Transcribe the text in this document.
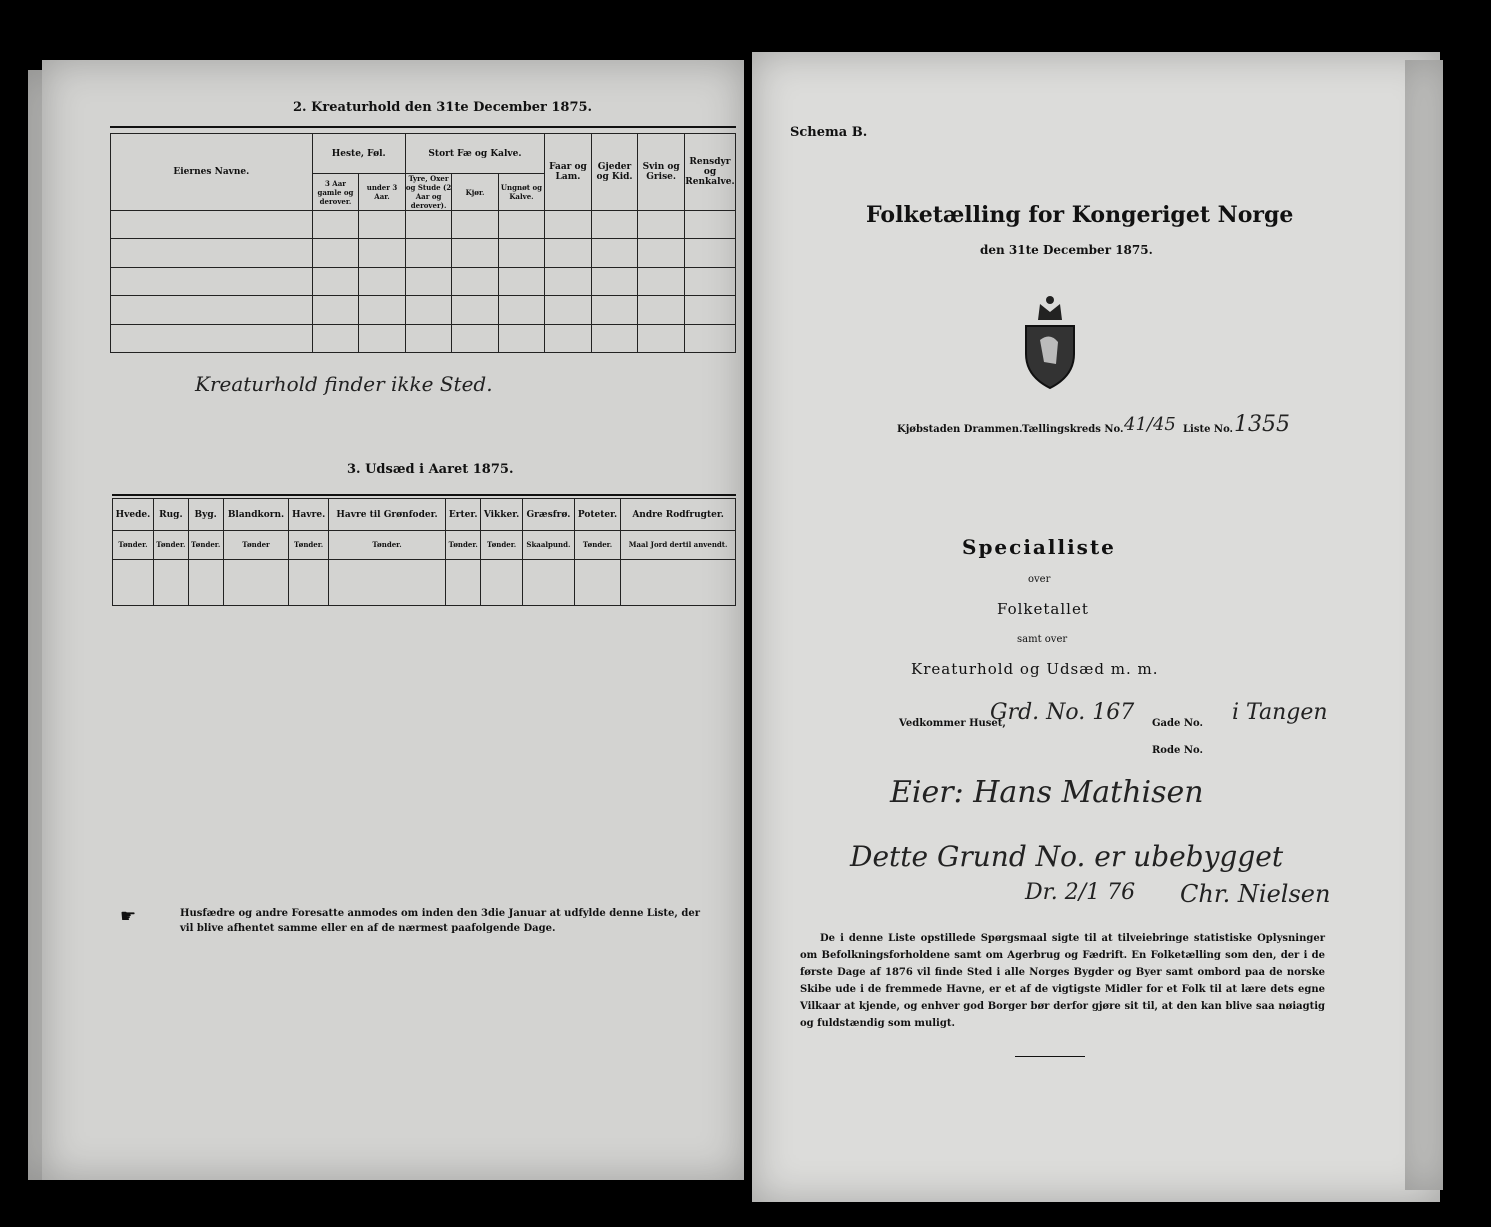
2. Kreaturhold den 31te December 1875.
Eiernes Navne.	Heste, Føl.		Stort Fæ og Kalve.			Faar og Lam.	Gjeder og Kid.	Svin og Grise.	Rensdyr og Renkalve.
	3 Aar gamle og derover.	under 3 Aar.	Tyre, Oxer og Stude (2 Aar og derover).	Kjør.	Ungnøt og Kalve.				

Kreaturhold finder ikke Sted.
3. Udsæd i Aaret 1875.
Hvede.	Rug.	Byg.	Blandkorn.	Havre.	Havre til Grønfoder.	Erter.	Vikker.	Græsfrø.	Poteter.	Andre Rodfrugter.
Tønder.	Tønder.	Tønder.	Tønder	Tønder.	Tønder.	Tønder.	Tønder.	Skaalpund.	Tønder.	Maal Jord dertil anvendt.

☛	Husfædre og andre Foresatte anmodes om inden den 3die Januar at udfylde denne Liste, der vil blive afhentet samme eller en af de nærmest paafolgende Dage.
Schema B.
Folketælling for Kongeriget Norge
den 31te December 1875.
Kjøbstaden Drammen. Tællingskreds No. 41/45 Liste No. 1355
Specialliste
over
Folketallet
samt over
Kreaturhold og Udsæd m. m.
Vedkommer Huset,
Grd. No. 167 Gade No. i Tangen
Rode No.
Eier: Hans Mathisen
Dette Grund No. er ubebygget
Dr. 2/1 76 Chr. Nielsen
De i denne Liste opstillede Spørgsmaal sigte til at tilveiebringe statistiske Oplysninger om Befolkningsforholdene samt om Agerbrug og Fædrift. En Folketælling som den, der i de første Dage af 1876 vil finde Sted i alle Norges Bygder og Byer samt ombord paa de norske Skibe ude i de fremmede Havne, er et af de vigtigste Midler for et Folk til at lære dets egne Vilkaar at kjende, og enhver god Borger bør derfor gjøre sit til, at den kan blive saa nøiagtig og fuldstændig som muligt.
